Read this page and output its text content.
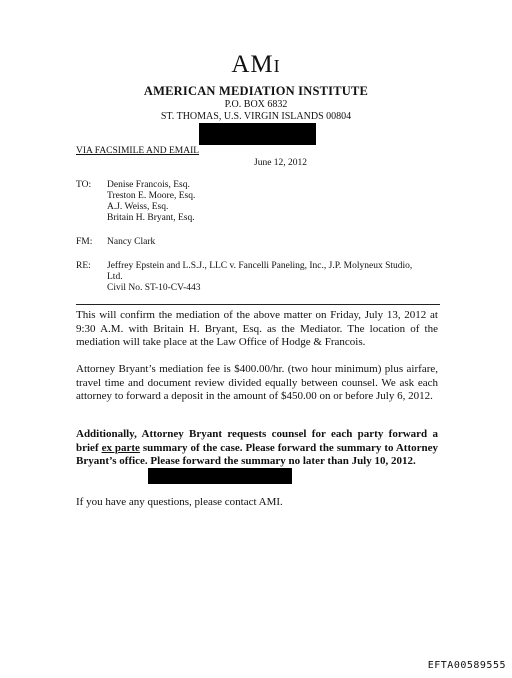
AMI
AMERICAN MEDIATION INSTITUTE
P.O. BOX 6832
ST. THOMAS, U.S. VIRGIN ISLANDS 00804
VIA FACSIMILE AND EMAIL
June 12, 2012
TO: Denise Francois, Esq.
Treston E. Moore, Esq.
A.J. Weiss, Esq.
Britain H. Bryant, Esq.
FM: Nancy Clark
RE: Jeffrey Epstein and L.S.J., LLC v. Fancelli Paneling, Inc., J.P. Molyneux Studio,
Ltd.
Civil No. ST-10-CV-443
This will confirm the mediation of the above matter on Friday, July 13, 2012 at 9:30 A.M. with Britain H. Bryant, Esq. as the Mediator. The location of the mediation will take place at the Law Office of Hodge & Francois.
Attorney Bryant’s mediation fee is $400.00/hr. (two hour minimum) plus airfare, travel time and document review divided equally between counsel. We ask each attorney to forward a deposit in the amount of $450.00 on or before July 6, 2012.
Additionally, Attorney Bryant requests counsel for each party forward a brief ex parte summary of the case. Please forward the summary to Attorney Bryant’s office. Please forward the summary no later than July 10, 2012.
If you have any questions, please contact AMI.
EFTA00589555
